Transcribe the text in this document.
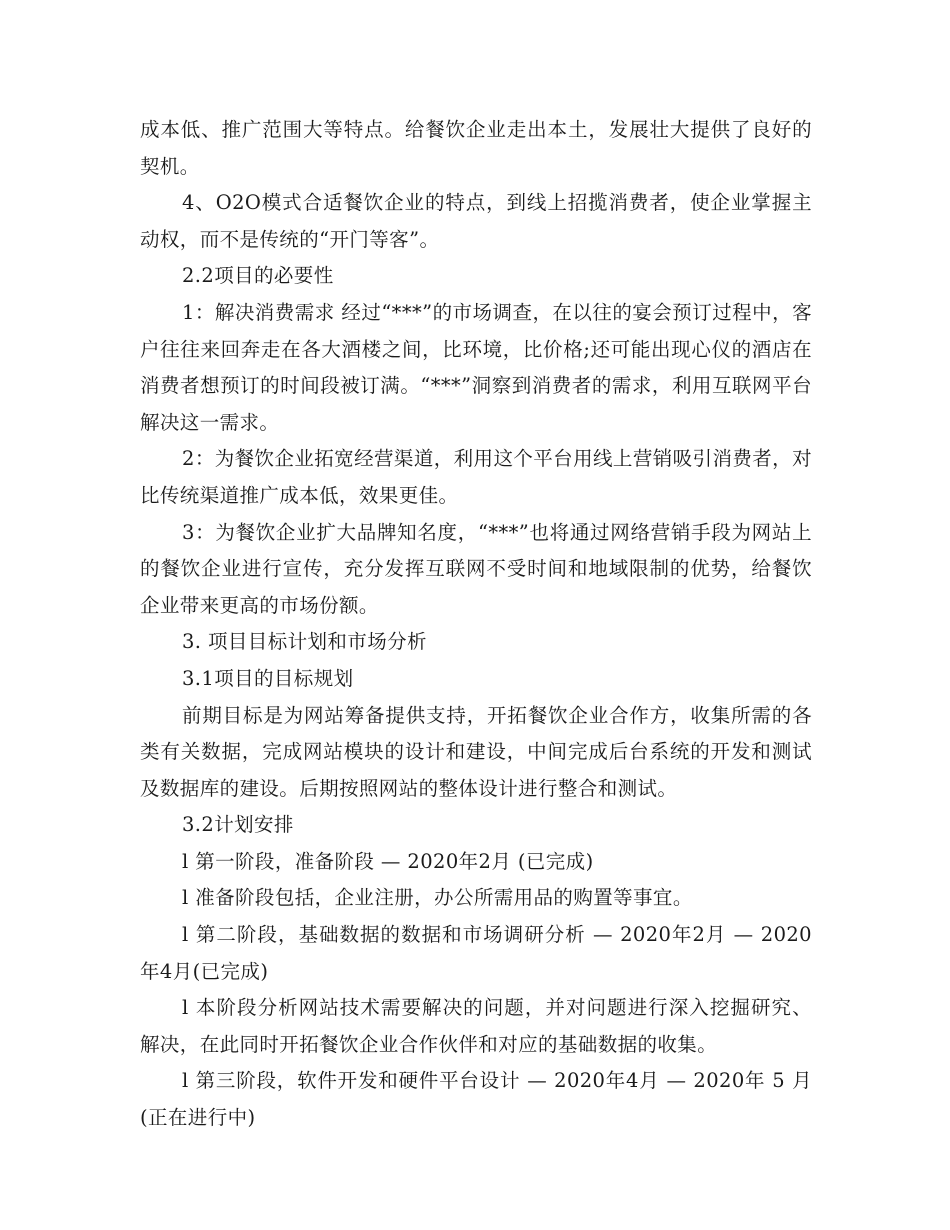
成本低、推广范围大等特点。给餐饮企业走出本土，发展壮大提供了良好的契机。

4、O2O模式合适餐饮企业的特点，到线上招揽消费者，使企业掌握主动权，而不是传统的“开门等客”。

2.2项目的必要性

1：解决消费需求 经过“***”的市场调查，在以往的宴会预订过程中，客户往往来回奔走在各大酒楼之间，比环境，比价格;还可能出现心仪的酒店在消费者想预订的时间段被订满。“***”洞察到消费者的需求，利用互联网平台解决这一需求。

2：为餐饮企业拓宽经营渠道，利用这个平台用线上营销吸引消费者，对比传统渠道推广成本低，效果更佳。

3：为餐饮企业扩大品牌知名度，“***”也将通过网络营销手段为网站上的餐饮企业进行宣传，充分发挥互联网不受时间和地域限制的优势，给餐饮企业带来更高的市场份额。

3. 项目目标计划和市场分析

3.1项目的目标规划

前期目标是为网站筹备提供支持，开拓餐饮企业合作方，收集所需的各类有关数据，完成网站模块的设计和建设，中间完成后台系统的开发和测试及数据库的建设。后期按照网站的整体设计进行整合和测试。

3.2计划安排

l 第一阶段，准备阶段 — 2020年2月 (已完成)

l 准备阶段包括，企业注册，办公所需用品的购置等事宜。

l 第二阶段，基础数据的数据和市场调研分析 — 2020年2月 — 2020年4月(已完成)

l 本阶段分析网站技术需要解决的问题，并对问题进行深入挖掘研究、解决，在此同时开拓餐饮企业合作伙伴和对应的基础数据的收集。

l 第三阶段，软件开发和硬件平台设计 — 2020年4月 — 2020年 5 月(正在进行中)
